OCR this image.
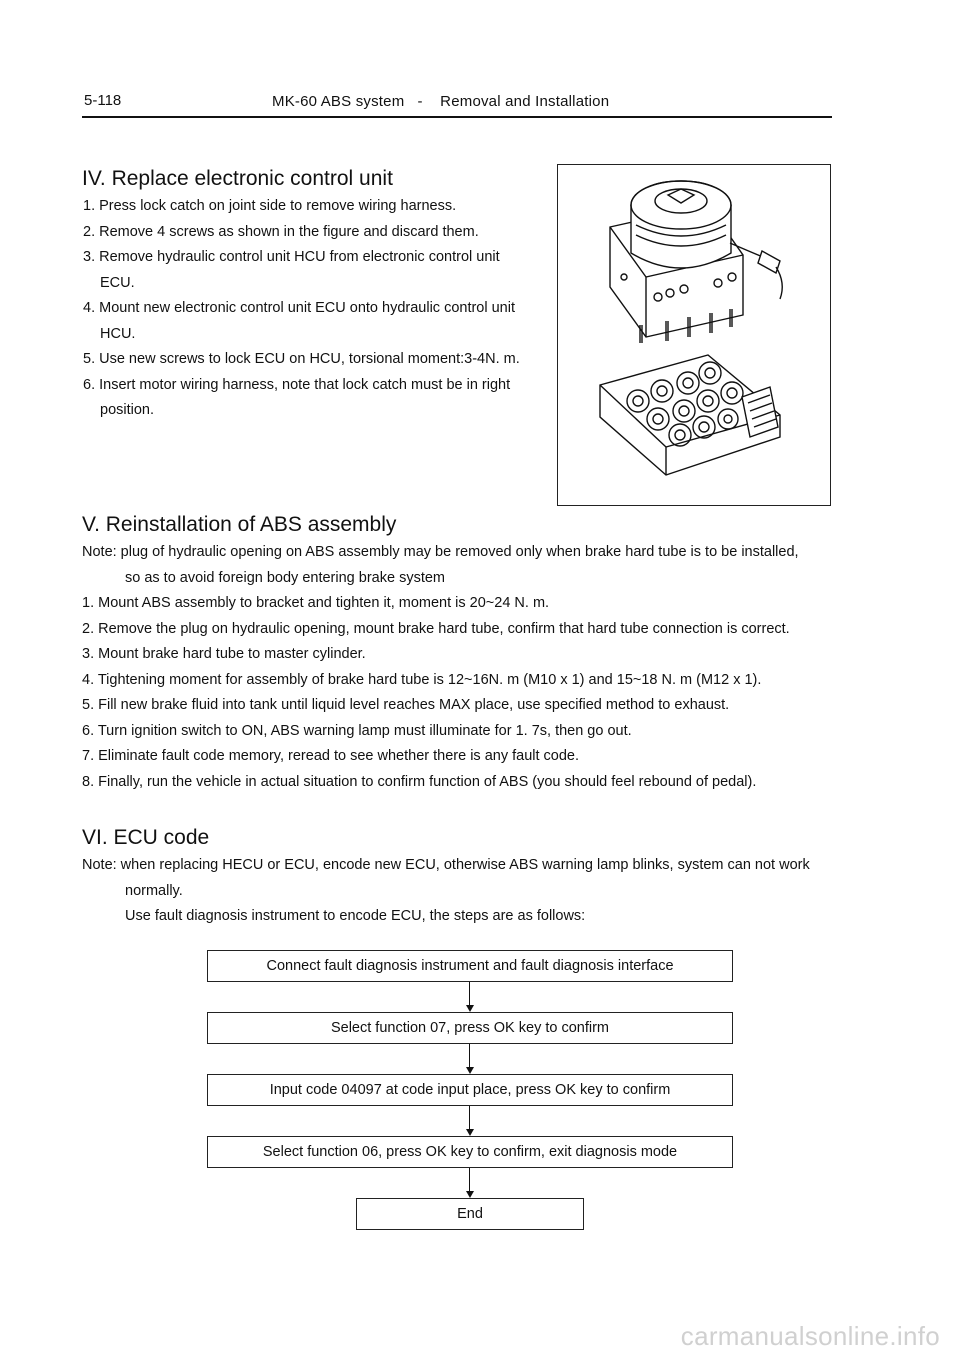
5-118	MK-60 ABS system   -    Removal and Installation
IV. Replace electronic control unit
1. Press lock catch on joint side to remove wiring harness.
2. Remove 4 screws as shown in the figure and discard them.
3. Remove hydraulic control unit HCU from electronic control unit
ECU.
4. Mount new electronic control unit ECU onto hydraulic control unit
HCU.
5. Use new screws to lock ECU on HCU, torsional moment:3-4N. m.
6. Insert motor wiring harness, note that lock catch must be in right
position.
V. Reinstallation of ABS assembly
Note: plug of hydraulic opening on ABS assembly may be removed only when brake hard tube is to be installed,
so as to avoid foreign body entering brake system
1. Mount ABS assembly to bracket and tighten it, moment is 20~24 N. m.
2. Remove the plug on hydraulic opening, mount brake hard tube, confirm that hard tube connection is correct.
3. Mount brake hard tube to master cylinder.
4. Tightening moment for assembly of brake hard tube is 12~16N. m (M10 x 1) and 15~18 N. m (M12 x 1).
5. Fill new brake fluid into tank until liquid level reaches MAX place, use specified method to exhaust.
6. Turn ignition switch to ON, ABS warning lamp must illuminate for 1. 7s, then go out.
7. Eliminate fault code memory, reread to see whether there is any fault code.
8. Finally, run the vehicle in actual situation to confirm function of ABS (you should feel rebound of pedal).
VI. ECU code
Note: when replacing HECU or ECU, encode new ECU, otherwise ABS warning lamp blinks, system can not work
normally.
Use fault diagnosis instrument to encode ECU, the steps are as follows:
Connect fault diagnosis instrument and fault diagnosis interface
Select function 07, press OK key to confirm
Input code 04097 at code input place, press OK key to confirm
Select function 06, press OK key to confirm, exit diagnosis mode
End
carmanualsonline.info
